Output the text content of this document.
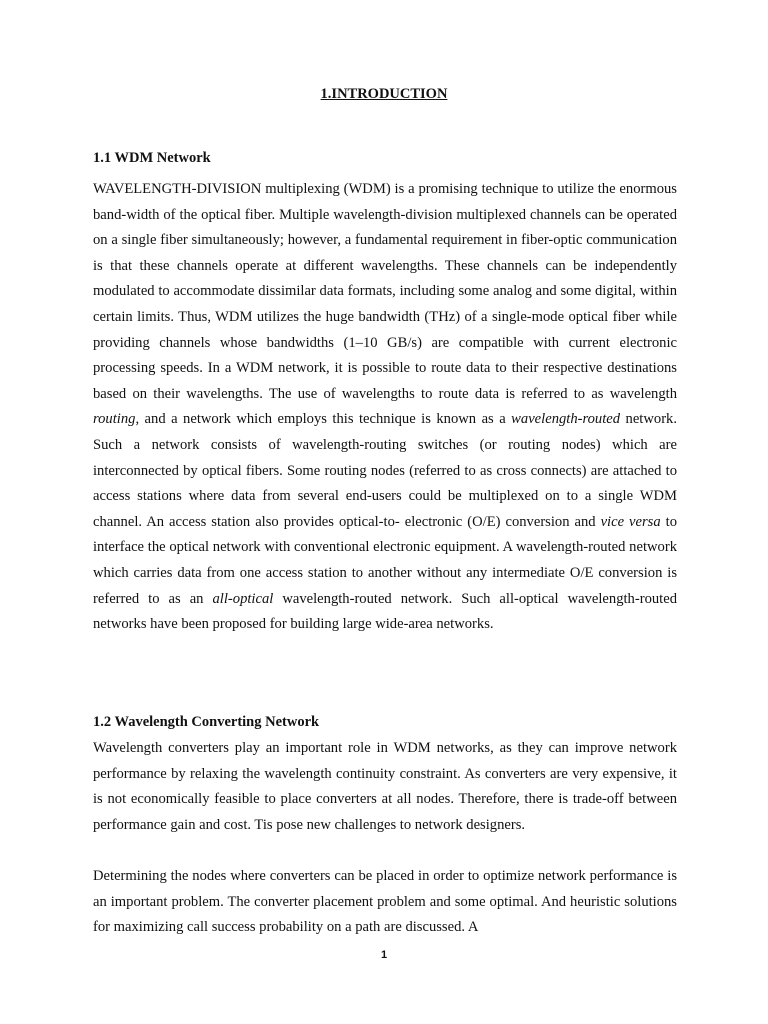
1.INTRODUCTION
1.1 WDM Network

WAVELENGTH-DIVISION multiplexing (WDM) is a promising technique to utilize the enormous band-width of the optical fiber. Multiple wavelength-division multiplexed channels can be operated on a single fiber simultaneously; however, a fundamental requirement in fiber-optic communication is that these channels operate at different wavelengths. These channels can be independently modulated to accommodate dissimilar data formats, including some analog and some digital, within certain limits. Thus, WDM utilizes the huge bandwidth (THz) of a single-mode optical fiber while providing channels whose bandwidths (1–10 GB/s) are compatible with current electronic processing speeds. In a WDM network, it is possible to route data to their respective destinations based on their wavelengths. The use of wavelengths to route data is referred to as wavelength routing, and a network which employs this technique is known as a wavelength-routed network. Such a network consists of wavelength-routing switches (or routing nodes) which are interconnected by optical fibers. Some routing nodes (referred to as cross connects) are attached to access stations where data from several end-users could be multiplexed on to a single WDM channel. An access station also provides optical-to- electronic (O/E) conversion and vice versa to interface the optical network with conventional electronic equipment. A wavelength-routed network which carries data from one access station to another without any intermediate O/E conversion is referred to as an all-optical wavelength-routed network. Such all-optical wavelength-routed networks have been proposed for building large wide-area networks.

1.2 Wavelength Converting Network

Wavelength converters play an important role in WDM networks, as they can improve network performance by relaxing the wavelength continuity constraint. As converters are very expensive, it is not economically feasible to place converters at all nodes. Therefore, there is trade-off between performance gain and cost. Tis pose new challenges to network designers.

Determining the nodes where converters can be placed in order to optimize network performance is an important problem. The converter placement problem and some optimal. And heuristic solutions for maximizing call success probability on a path are discussed. A

1
